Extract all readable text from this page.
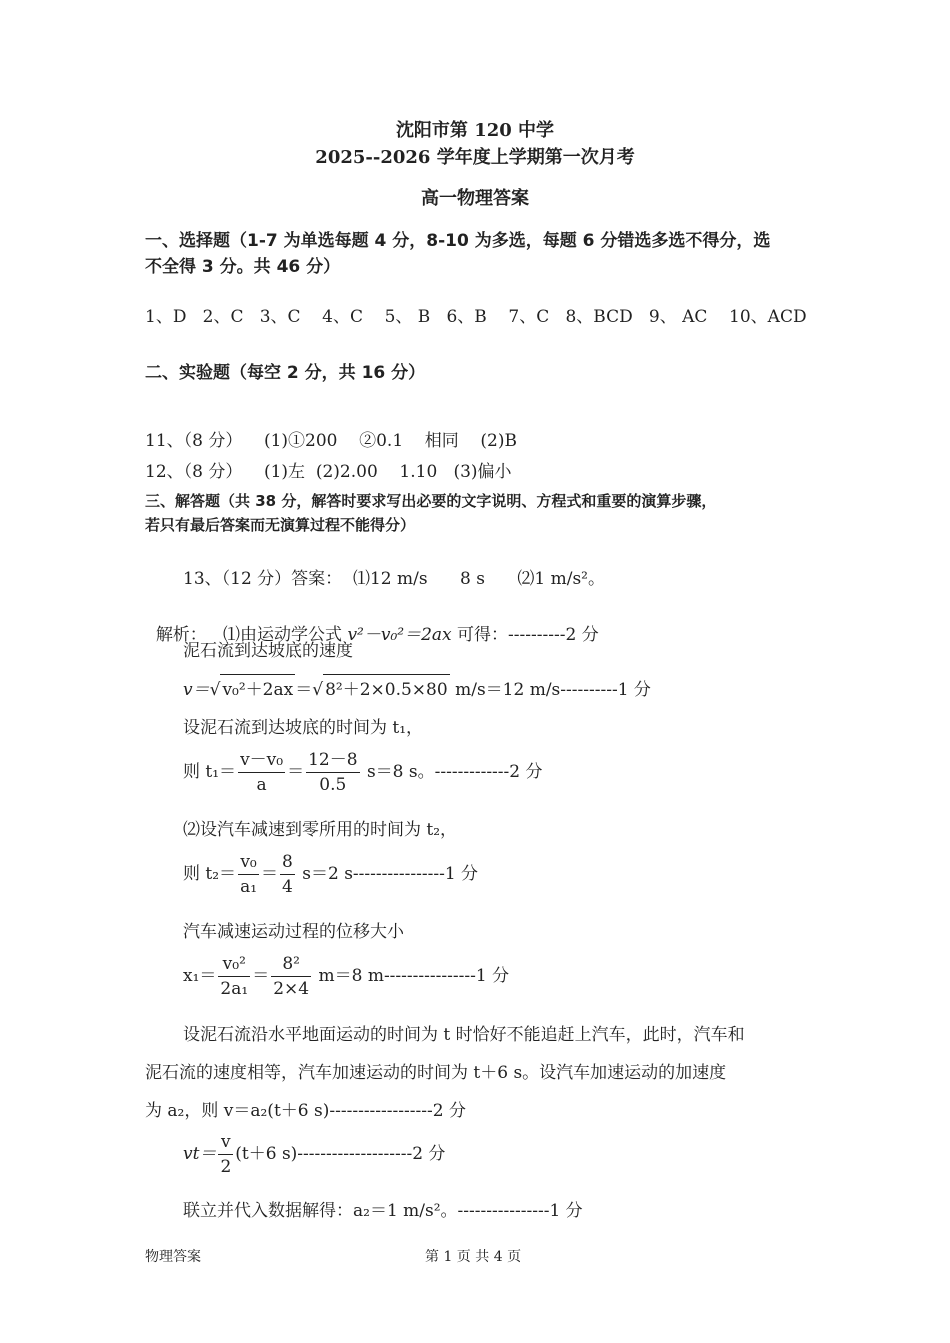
沈阳市第 120 中学
2025--2026 学年度上学期第一次月考
高一物理答案
一、选择题（1-7 为单选每题 4 分，8-10 为多选，每题 6 分错选多选不得分，选
不全得 3 分。共 46 分）
1、D   2、C   3、C    4、C    5、 B   6、B    7、C   8、BCD   9、 AC    10、ACD
二、实验题（每空 2 分，共 16 分）
11、（8 分）    (1)①200    ②0.1    相同    (2)B
12、（8 分）    (1)左  (2)2.00    1.10   (3)偏小
三、解答题（共 38 分，解答时要求写出必要的文字说明、方程式和重要的演算步骤，
若只有最后答案而无演算过程不能得分）
13、（12 分）答案：  ⑴12 m/s      8 s      ⑵1 m/s²。

解析：   ⑴由运动学公式 v²－v₀²＝2ax 可得：----------2 分

泥石流到达坡底的速度
v＝√ v₀²＋2ax ＝√ 8²＋2×0.5×80 m/s＝12 m/s----------1 分
设泥石流到达坡底的时间为 t₁，
则 $t_1= \frac{\text{v－v₀}}{a} = \frac{12-8}{0.5} s=8$ s。-------------2 分
⑵设汽车减速到零所用的时间为 t₂，
则 $t_2= \frac{\text{v₀}}{\text{a₁}} = \frac{8}{4} s=2$ s----------------1 分
汽车减速运动过程的位移大小
$x_1= \frac{\text{v₀²}}{\text{2a₁}} = \frac{\text{8²}}{2\times 4} m=8$ m----------------1 分
设泥石流沿水平地面运动的时间为 t 时恰好不能追赶上汽车，此时，汽车和
泥石流的速度相等，汽车加速运动的时间为 t＋6 s。设汽车加速运动的加速度
为 a₂，则 v＝a₂(t＋6 s)------------------2 分
$vt= \frac{v}{2} (t+6$ s)--------------------2 分
联立并代入数据解得：a₂＝1 m/s²。----------------1 分
物理答案	第 1 页 共 4 页
